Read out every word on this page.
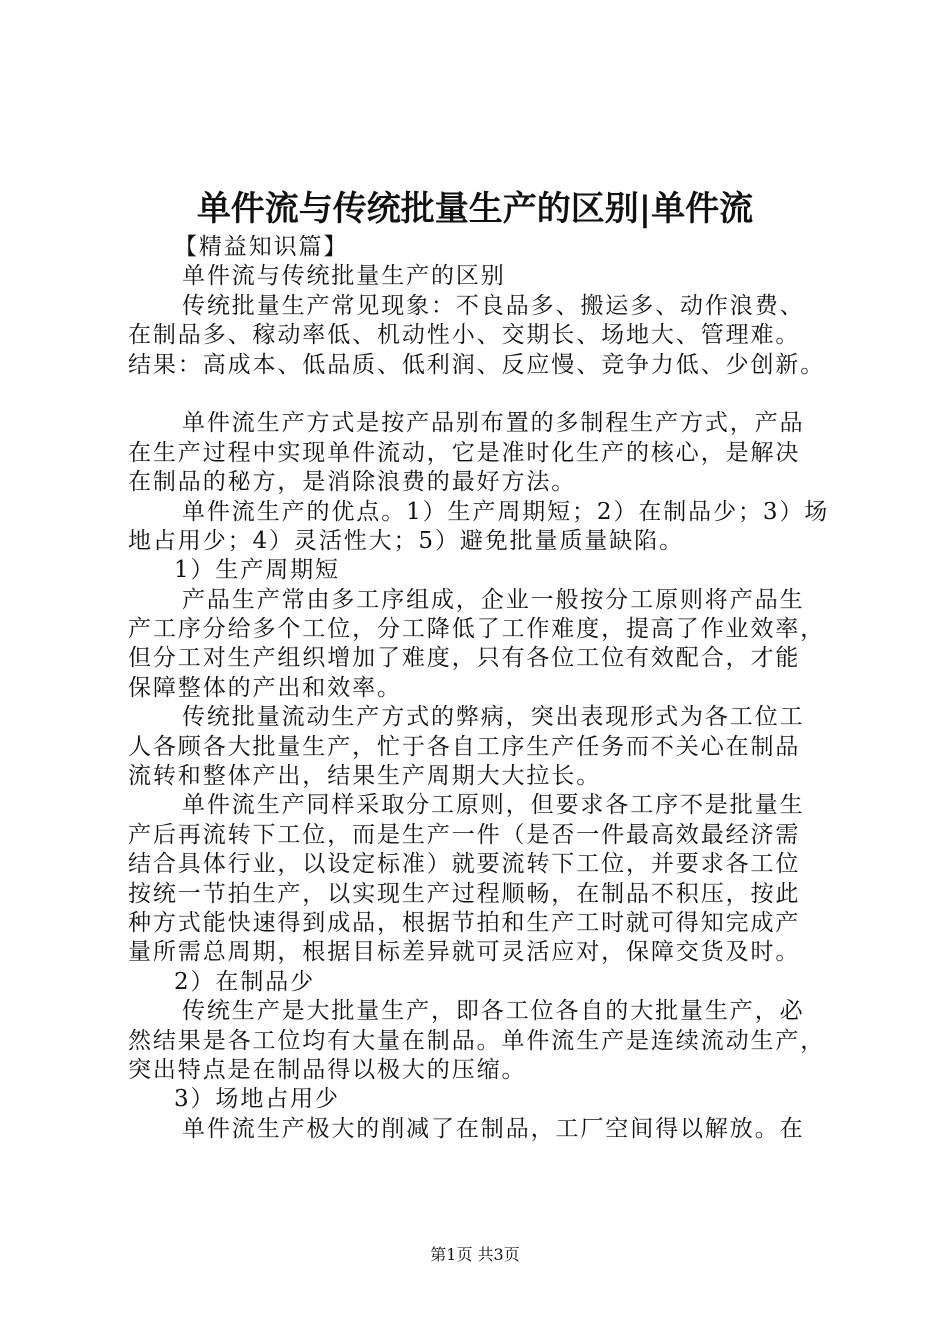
单件流与传统批量生产的区别|单件流
【精益知识篇】
单件流与传统批量生产的区别
传统批量生产常见现象：不良品多、搬运多、动作浪费、
在制品多、稼动率低、机动性小、交期长、场地大、管理难。
结果：高成本、低品质、低利润、反应慢、竞争力低、少创新。
单件流生产方式是按产品别布置的多制程生产方式，产品
在生产过程中实现单件流动，它是准时化生产的核心，是解决
在制品的秘方，是消除浪费的最好方法。
单件流生产的优点。1）生产周期短；2）在制品少；3）场
地占用少；4）灵活性大；5）避免批量质量缺陷。
1）生产周期短
产品生产常由多工序组成，企业一般按分工原则将产品生
产工序分给多个工位，分工降低了工作难度，提高了作业效率，
但分工对生产组织增加了难度，只有各位工位有效配合，才能
保障整体的产出和效率。
传统批量流动生产方式的弊病，突出表现形式为各工位工
人各顾各大批量生产，忙于各自工序生产任务而不关心在制品
流转和整体产出，结果生产周期大大拉长。
单件流生产同样采取分工原则，但要求各工序不是批量生
产后再流转下工位，而是生产一件（是否一件最高效最经济需
结合具体行业，以设定标准）就要流转下工位，并要求各工位
按统一节拍生产，以实现生产过程顺畅，在制品不积压，按此
种方式能快速得到成品，根据节拍和生产工时就可得知完成产
量所需总周期，根据目标差异就可灵活应对，保障交货及时。
2）在制品少
传统生产是大批量生产，即各工位各自的大批量生产，必
然结果是各工位均有大量在制品。单件流生产是连续流动生产，
突出特点是在制品得以极大的压缩。
3）场地占用少
单件流生产极大的削减了在制品，工厂空间得以解放。在
第1页 共3页
